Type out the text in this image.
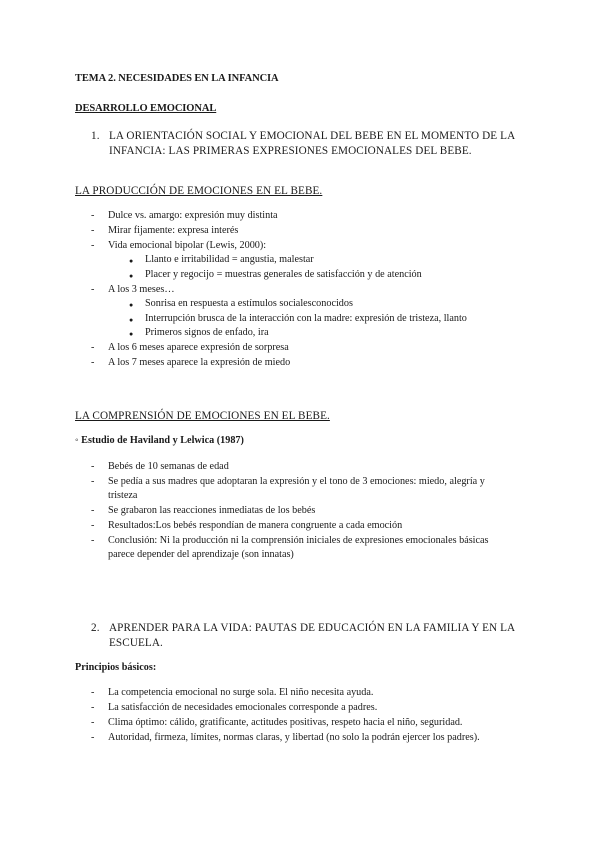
TEMA 2. NECESIDADES EN LA INFANCIA
DESARROLLO EMOCIONAL
1. LA ORIENTACIÓN SOCIAL Y EMOCIONAL DEL BEBE EN EL MOMENTO DE LA
INFANCIA: LAS PRIMERAS EXPRESIONES EMOCIONALES DEL BEBE.
LA PRODUCCIÓN DE EMOCIONES EN EL BEBE.
- Dulce vs. amargo: expresión muy distinta
- Mirar fijamente: expresa interés
- Vida emocional bipolar (Lewis, 2000):
● Llanto e irritabilidad = angustia, malestar
● Placer y regocijo = muestras generales de satisfacción y de atención
- A los 3 meses…
● Sonrisa en respuesta a estímulos socialesconocidos
● Interrupción brusca de la interacción con la madre: expresión de tristeza, llanto
● Primeros signos de enfado, ira
- A los 6 meses aparece expresión de sorpresa
- A los 7 meses aparece la expresión de miedo
LA COMPRENSIÓN DE EMOCIONES EN EL BEBE.
◦ Estudio de Haviland y Lelwica (1987)
- Bebés de 10 semanas de edad
- Se pedía a sus madres que adoptaran la expresión y el tono de 3 emociones: miedo, alegría y
tristeza
- Se grabaron las reacciones inmediatas de los bebés
- Resultados:Los bebés respondían de manera congruente a cada emoción
- Conclusión: Ni la producción ni la comprensión iniciales de expresiones emocionales básicas
parece depender del aprendizaje (son innatas)
2. APRENDER PARA LA VIDA: PAUTAS DE EDUCACIÓN EN LA FAMILIA Y EN LA
ESCUELA.
Principios básicos:
- La competencia emocional no surge sola. El niño necesita ayuda.
- La satisfacción de necesidades emocionales corresponde a padres.
- Clima óptimo: cálido, gratificante, actitudes positivas, respeto hacia el niño, seguridad.
- Autoridad, firmeza, límites, normas claras, y libertad (no solo la podrán ejercer los padres).
